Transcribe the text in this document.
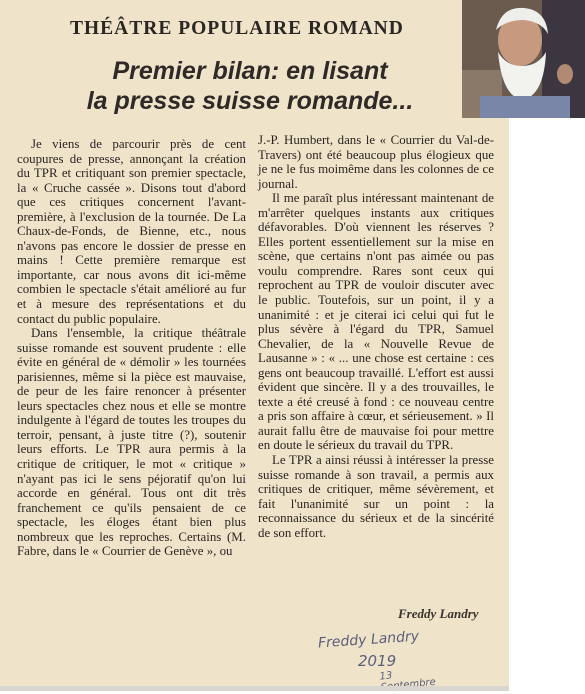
THÉÂTRE POPULAIRE ROMAND
Premier bilan: en lisant
la presse suisse romande...

Je viens de parcourir près de cent coupures de presse, annonçant la création du TPR et critiquant son premier spectacle, la « Cruche cassée ». Disons tout d'abord que ces critiques concernent l'avant-première, à l'exclusion de la tournée. De La Chaux-de-Fonds, de Bienne, etc., nous n'avons pas encore le dossier de presse en mains ! Cette première remarque est importante, car nous avons dit ici-même combien le spectacle s'était amélioré au fur et à mesure des représentations et du contact du public populaire.

Dans l'ensemble, la critique théâtrale suisse romande est souvent prudente : elle évite en général de « démolir » les tournées parisiennes, même si la pièce est mauvaise, de peur de les faire renoncer à présenter leurs spectacles chez nous et elle se montre indulgente à l'égard de toutes les troupes du terroir, pensant, à juste titre (?), soutenir leurs efforts. Le TPR aura permis à la critique de critiquer, le mot « critique » n'ayant pas ici le sens péjoratif qu'on lui accorde en général. Tous ont dit très franchement ce qu'ils pensaient de ce spectacle, les éloges étant bien plus nombreux que les reproches. Certains (M. Fabre, dans le « Courrier de Genève », ou

J.-P. Humbert, dans le « Courrier du Val-de-Travers) ont été beaucoup plus élogieux que je ne le fus moimême dans les colonnes de ce journal.

Il me paraît plus intéressant maintenant de m'arrêter quelques instants aux critiques défavorables. D'où viennent les réserves ? Elles portent essentiellement sur la mise en scène, que certains n'ont pas aimée ou pas voulu comprendre. Rares sont ceux qui reprochent au TPR de vouloir discuter avec le public. Toutefois, sur un point, il y a unanimité : et je citerai ici celui qui fut le plus sévère à l'égard du TPR, Samuel Chevalier, de la « Nouvelle Revue de Lausanne » : « ... une chose est certaine : ces gens ont beaucoup travaillé. L'effort est aussi évident que sincère. Il y a des trouvailles, le texte a été creusé à fond : ce nouveau centre a pris son affaire à cœur, et sérieusement. » Il aurait fallu être de mauvaise foi pour mettre en doute le sérieux du travail du TPR.

Le TPR a ainsi réussi à intéresser la presse suisse romande à son travail, a permis aux critiques de critiquer, même sévèrement, et fait l'unanimité sur un point : la reconnaissance du sérieux et de la sincérité de son effort.

Freddy Landry
Freddy Landry
2019
13
